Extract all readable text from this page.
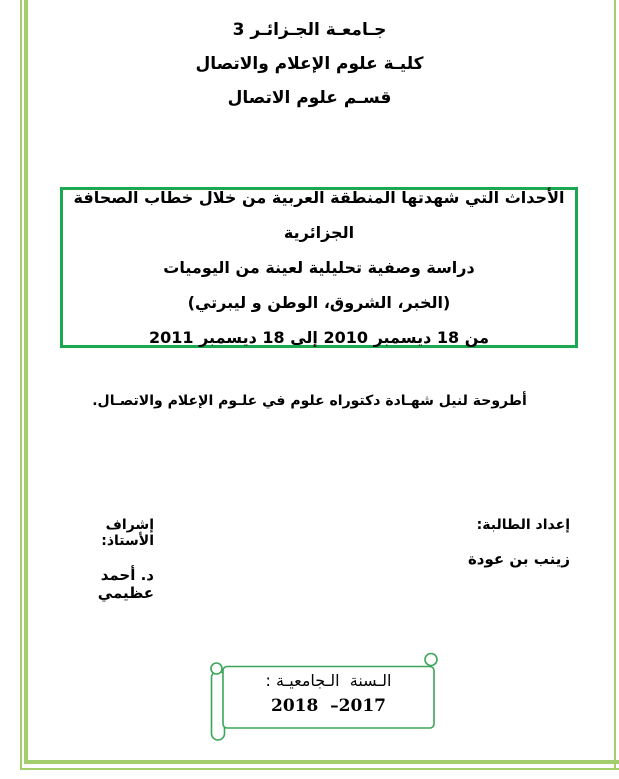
جـامعـة الجـزائـر 3
كليـة علوم الإعلام والاتصال
قسـم علوم الاتصال

الأحداث التي شهدتها المنطقة العربية من خلال خطاب الصحافة الجزائرية

دراسة وصفية تحليلية لعينة من اليوميات

(الخبر، الشروق، الوطن و ليبرتي)

من 18 ديسمبر 2010 إلى 18 ديسمبر 2011

أطروحة لنيل شهـادة دكتوراه علوم في علـوم الإعلام والاتصـال.

إعداد الطالبة:

زينب بن عودة

إشراف الأستاذ:

د. أحمد عظيمي

الـسنة  الـجامعيـة :
2018  –2017
